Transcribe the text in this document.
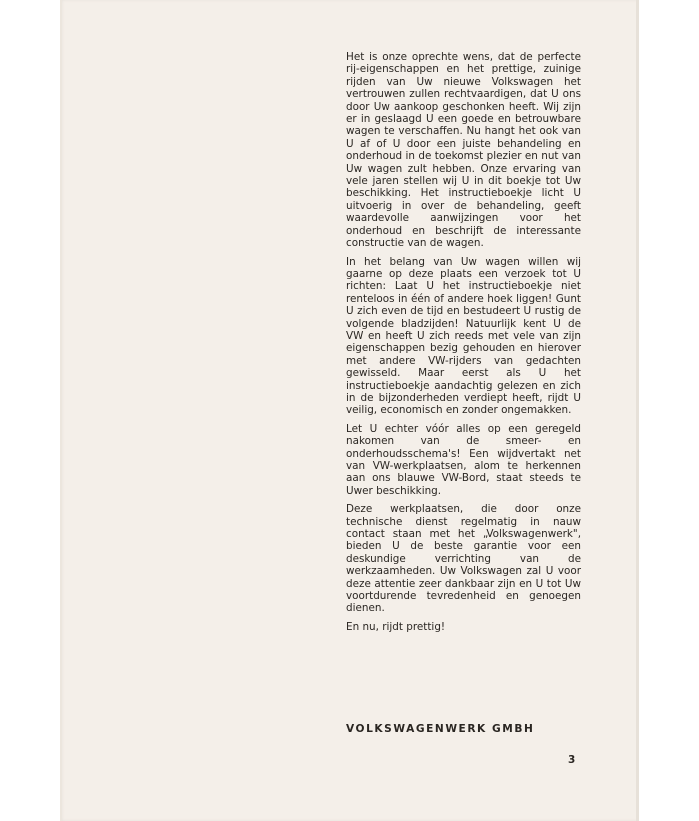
Het is onze oprechte wens, dat de perfecte rij-eigenschappen en het prettige, zuinige rijden van Uw nieuwe Volkswagen het vertrouwen zullen rechtvaardigen, dat U ons door Uw aankoop geschonken heeft. Wij zijn er in geslaagd U een goede en betrouwbare wagen te verschaffen. Nu hangt het ook van U af of U door een juiste behandeling en onderhoud in de toekomst plezier en nut van Uw wagen zult hebben. Onze ervaring van vele jaren stellen wij U in dit boekje tot Uw beschikking. Het instructieboekje licht U uitvoerig in over de behandeling, geeft waardevolle aanwijzingen voor het onderhoud en beschrijft de interessante constructie van de wagen.

In het belang van Uw wagen willen wij gaarne op deze plaats een verzoek tot U richten: Laat U het instructieboekje niet renteloos in één of andere hoek liggen! Gunt U zich even de tijd en bestudeert U rustig de volgende bladzijden! Natuurlijk kent U de VW en heeft U zich reeds met vele van zijn eigenschappen bezig gehouden en hierover met andere VW-rijders van gedachten gewisseld. Maar eerst als U het instructieboekje aandachtig gelezen en zich in de bijzonderheden verdiept heeft, rijdt U veilig, economisch en zonder ongemakken.

Let U echter vóór alles op een geregeld nakomen van de smeer- en onderhoudsschema's! Een wijdvertakt net van VW-werkplaatsen, alom te herkennen aan ons blauwe VW-Bord, staat steeds te Uwer beschikking.

Deze werkplaatsen, die door onze technische dienst regelmatig in nauw contact staan met het „Volkswagenwerk", bieden U de beste garantie voor een deskundige verrichting van de werkzaamheden. Uw Volkswagen zal U voor deze attentie zeer dankbaar zijn en U tot Uw voortdurende tevredenheid en genoegen dienen.

En nu, rijdt prettig!

VOLKSWAGENWERK GMBH
3
